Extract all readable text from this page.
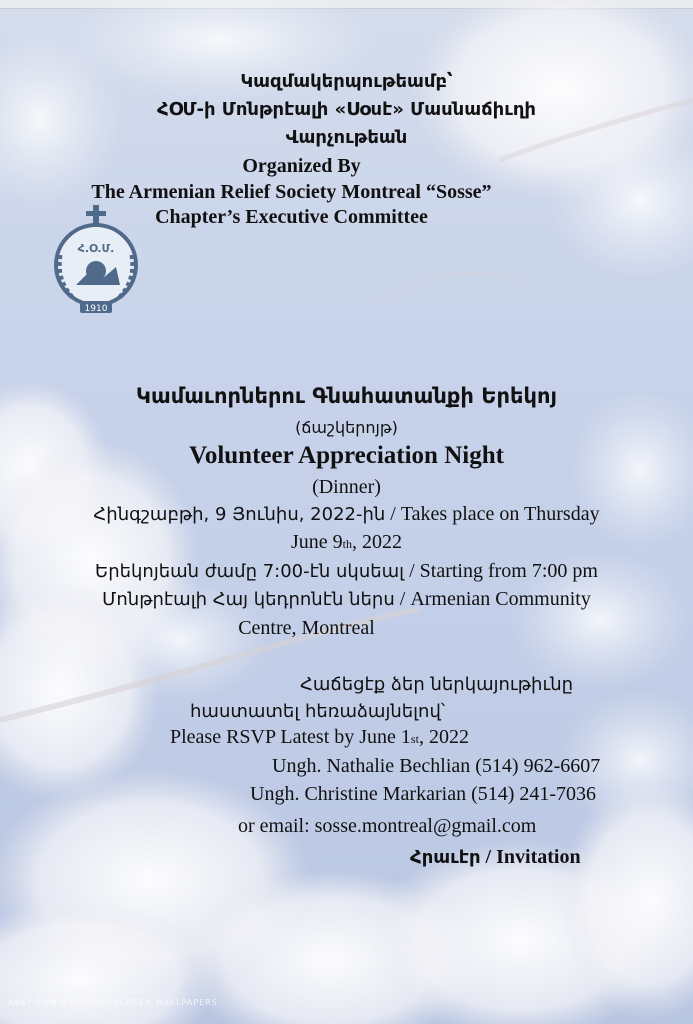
Կազմակերպութեամբ՝
ՀՕՄ-ի Մոնթրէալի «Սօսէ» Մասնաճիւղի
Վարչութեան
Organized By
The Armenian Relief Society Montreal “Sosse”
Chapter’s Executive Committee
Հ.Օ.Մ.
1910
Կամաւորներու Գնահատանքի Երեկոյ
(ճաշկերոյթ)
Volunteer Appreciation Night
(Dinner)
Հինգշաբթի, 9 Յունիս, 2022-ին / Takes place on Thursday
June 9th, 2022
Երեկոյեան ժամը 7:00-էն սկսեալ / Starting from 7:00 pm
Մոնթրէալի Հայ կեդրոնէն ներս / Armenian Community
Centre, Montreal
Հաճեցէք ձեր ներկայութիւնը
հաստատել հեռաձայնելով՝
Please RSVP Latest by June 1st, 2022
Ungh. Nathalie Bechlian (514) 962-6607
Ungh. Christine Markarian (514) 241-7036
or email: sosse.montreal@gmail.com
Հրաւէր / Invitation
AVA7.COM • HD WIDESCREEN WALLPAPERS
